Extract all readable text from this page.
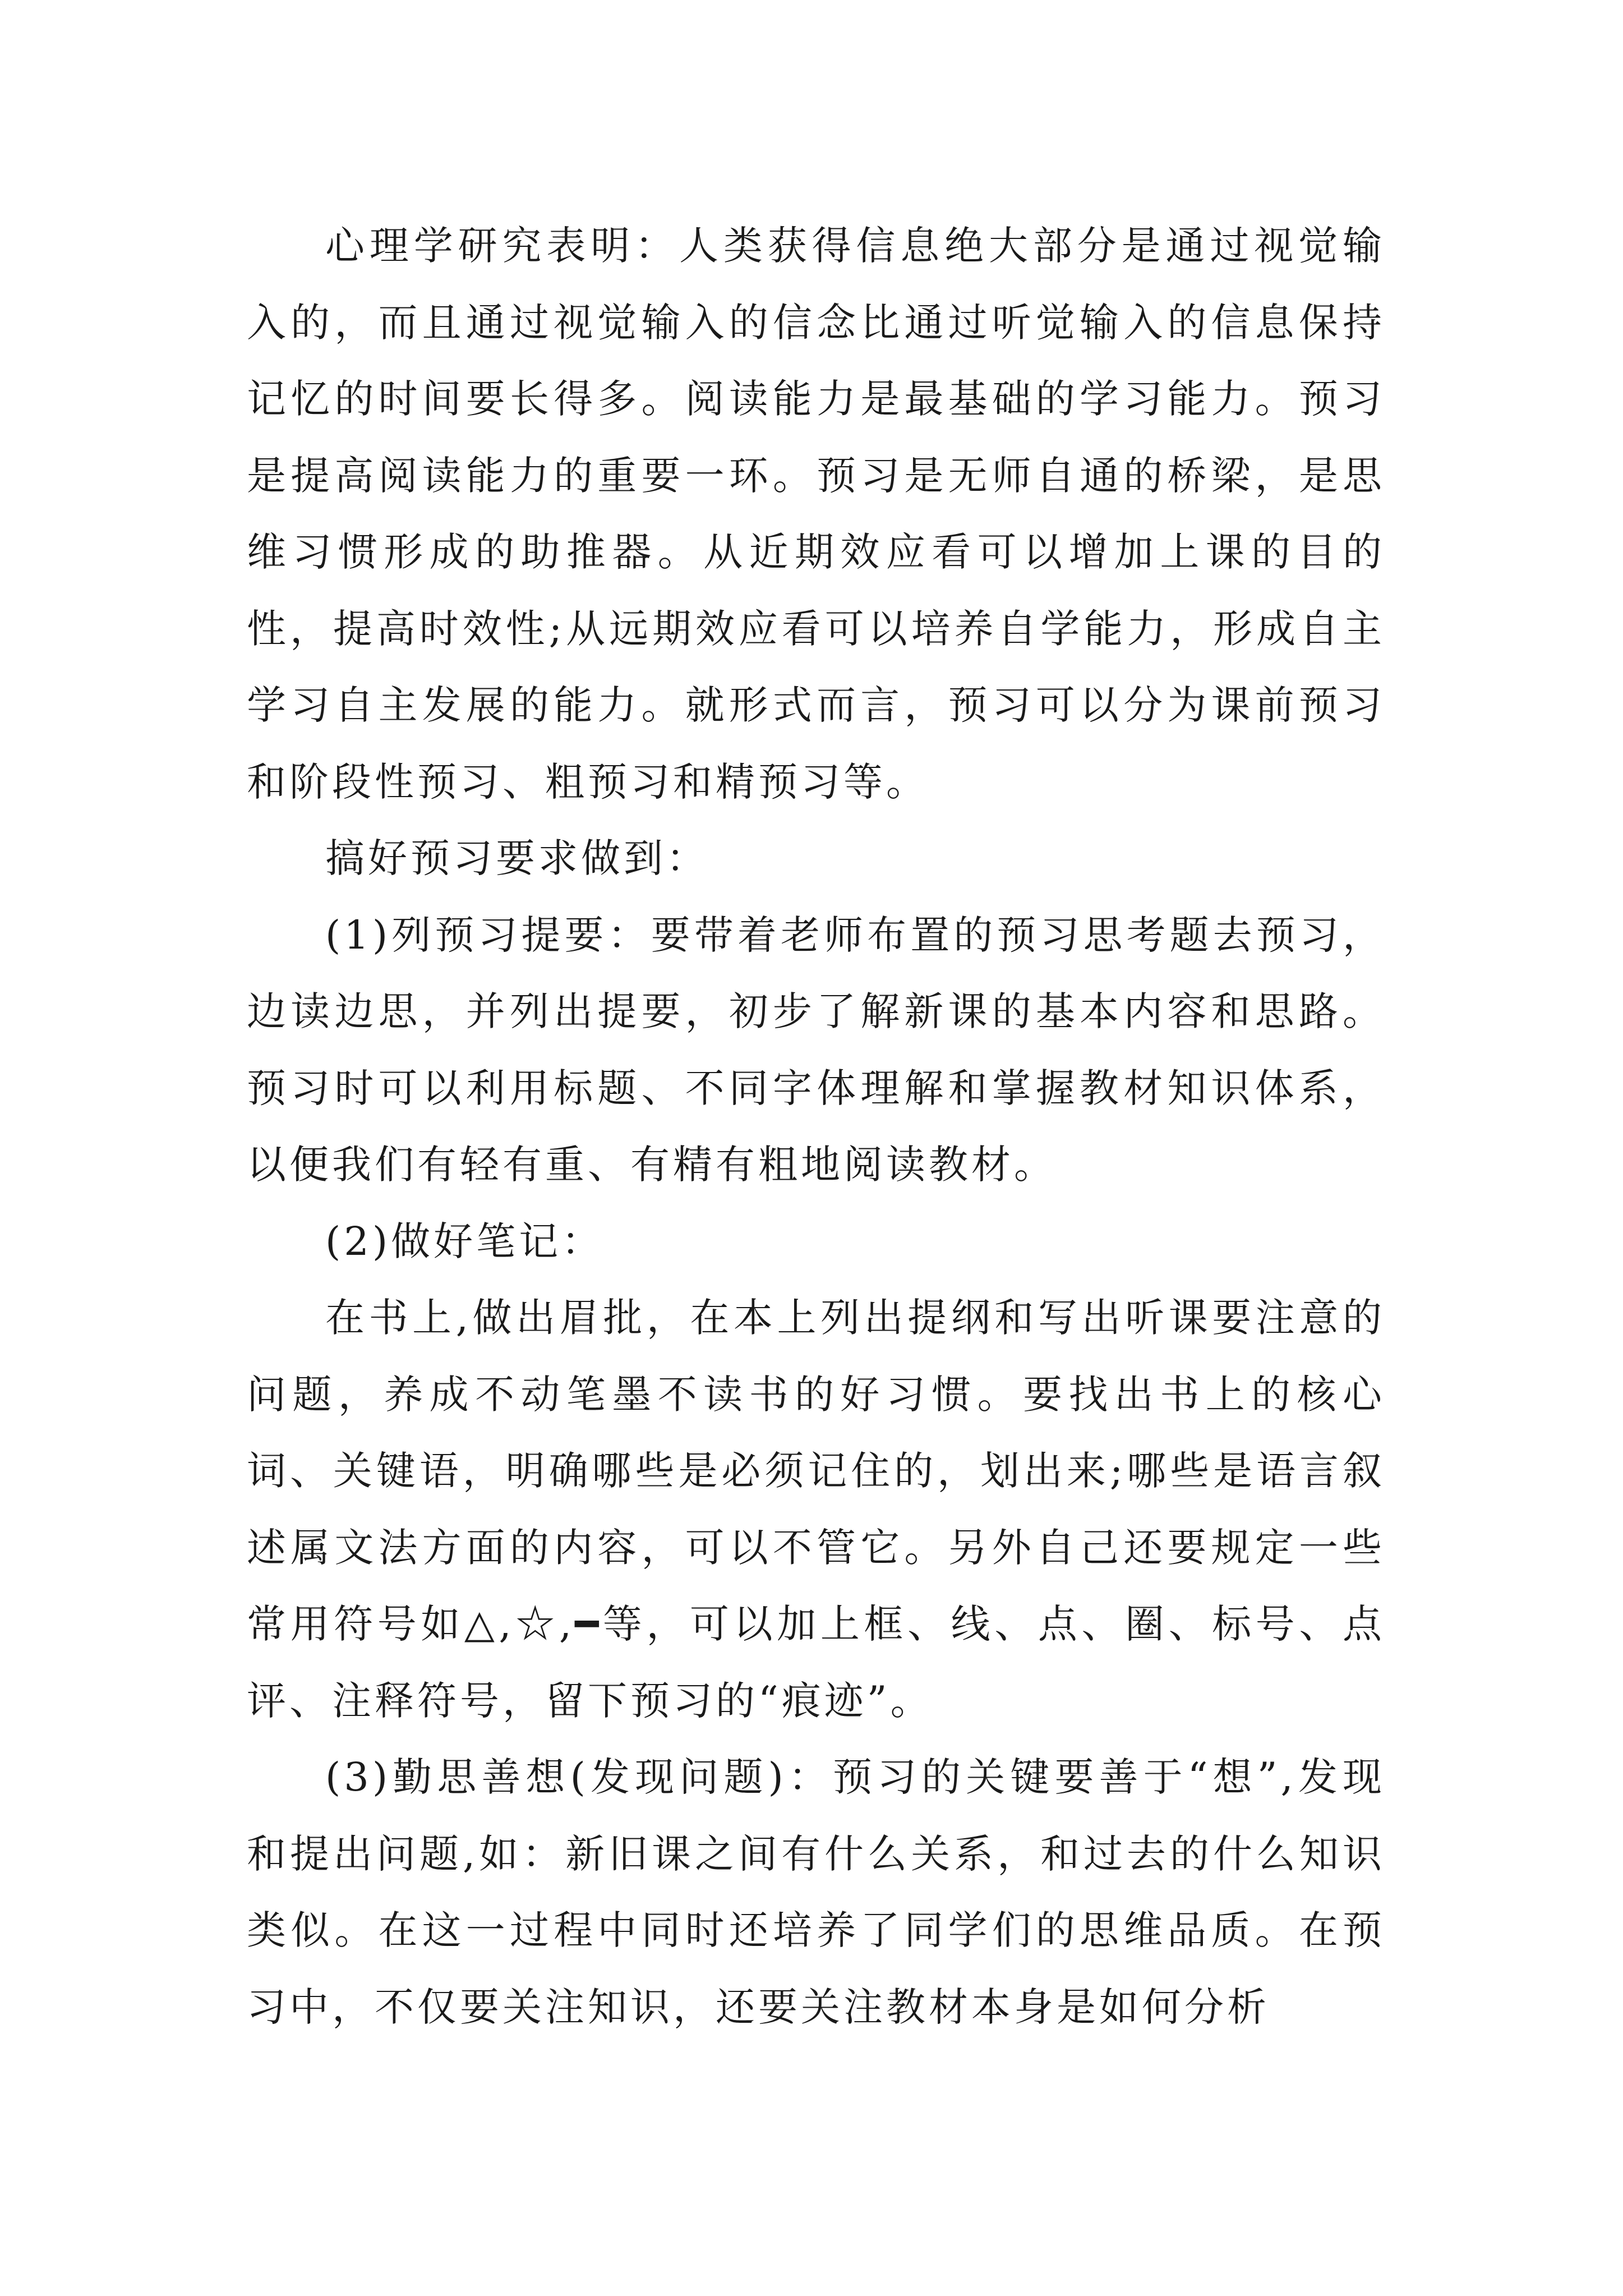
心理学研究表明：人类获得信息绝大部分是通过视觉输入的，而且通过视觉输入的信念比通过听觉输入的信息保持记忆的时间要长得多。阅读能力是最基础的学习能力。预习是提高阅读能力的重要一环。预习是无师自通的桥梁，是思维习惯形成的助推器。从近期效应看可以增加上课的目的性，提高时效性;从远期效应看可以培养自学能力，形成自主学习自主发展的能力。就形式而言，预习可以分为课前预习和阶段性预习、粗预习和精预习等。

搞好预习要求做到：

(1)列预习提要：要带着老师布置的预习思考题去预习，边读边思，并列出提要，初步了解新课的基本内容和思路。预习时可以利用标题、不同字体理解和掌握教材知识体系，以便我们有轻有重、有精有粗地阅读教材。

(2)做好笔记：

在书上,做出眉批，在本上列出提纲和写出听课要注意的问题，养成不动笔墨不读书的好习惯。要找出书上的核心词、关键语，明确哪些是必须记住的，划出来;哪些是语言叙述属文法方面的内容，可以不管它。另外自己还要规定一些常用符号如△,☆,━等，可以加上框、线、点、圈、标号、点评、注释符号，留下预习的“痕迹”。

(3)勤思善想(发现问题)：预习的关键要善于“想”,发现和提出问题,如：新旧课之间有什么关系，和过去的什么知识类似。在这一过程中同时还培养了同学们的思维品质。在预习中，不仅要关注知识，还要关注教材本身是如何分析
